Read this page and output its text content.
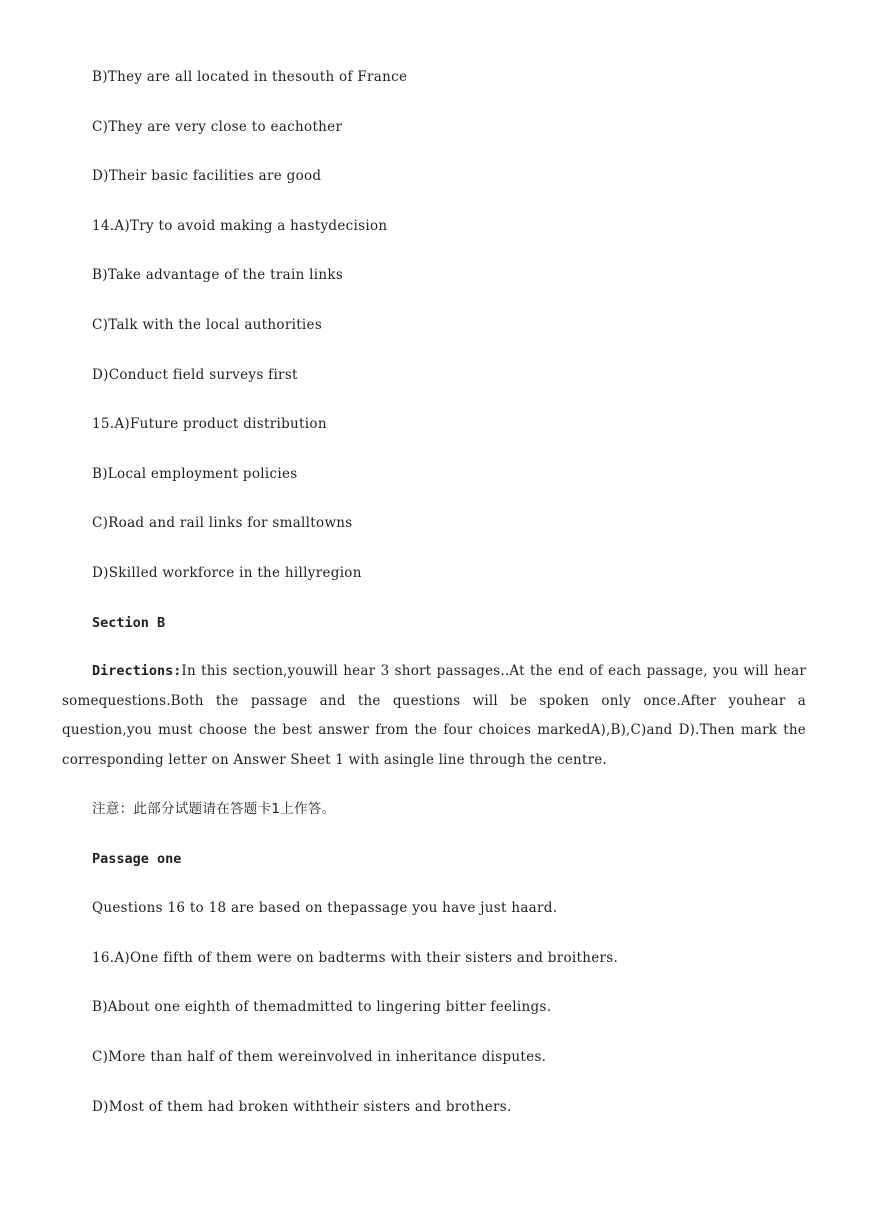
B)They are all located in thesouth of France
C)They are very close to eachother
D)Their basic facilities are good
14.A)Try to avoid making a hastydecision
B)Take advantage of the train links
C)Talk with the local authorities
D)Conduct field surveys first
15.A)Future product distribution
B)Local employment policies
C)Road and rail links for smalltowns
D)Skilled workforce in the hillyregion
Section B
Directions:In this section,youwill hear 3 short passages..At the end of each passage, you will hear somequestions.Both the passage and the questions will be spoken only once.After youhear a question,you must choose the best answer from the four choices markedA),B),C)and D).Then mark the corresponding letter on Answer Sheet 1 with asingle line through the centre.
注意：此部分试题请在答题卡1上作答。
Passage one
Questions 16 to 18 are based on thepassage you have just haard.
16.A)One fifth of them were on badterms with their sisters and broithers.
B)About one eighth of themadmitted to lingering bitter feelings.
C)More than half of them wereinvolved in inheritance disputes.
D)Most of them had broken withtheir sisters and brothers.
